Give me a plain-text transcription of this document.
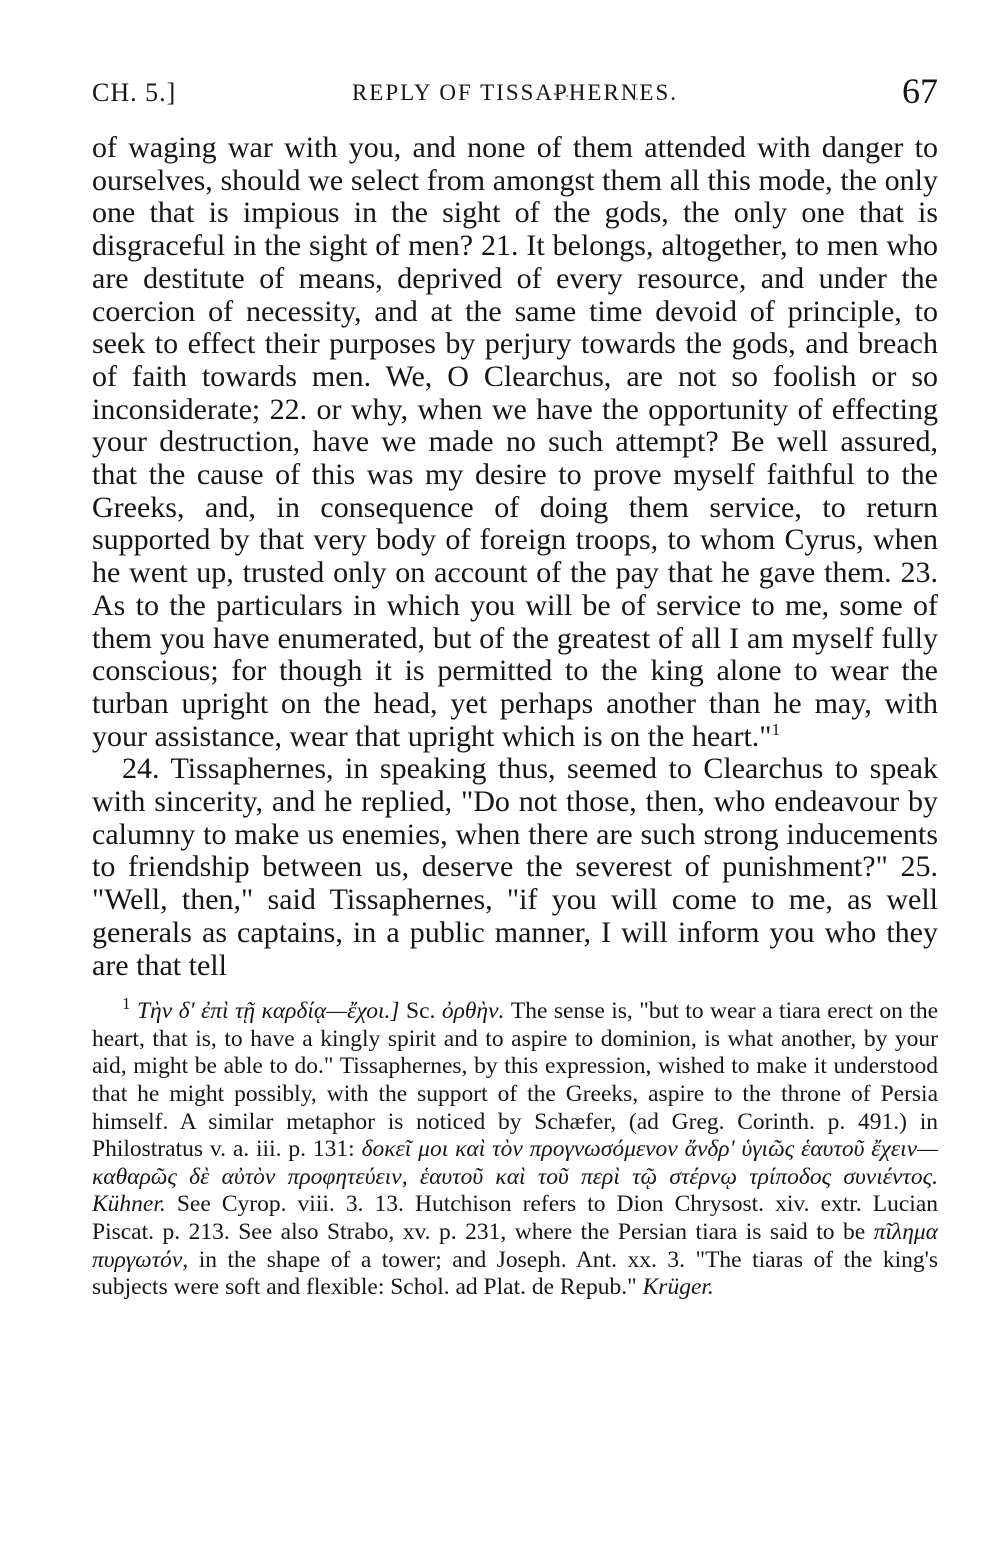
CH. 5.]	REPLY OF TISSAPHERNES.	67

of waging war with you, and none of them attended with danger to ourselves, should we select from amongst them all this mode, the only one that is impious in the sight of the gods, the only one that is disgraceful in the sight of men? 21. It belongs, altogether, to men who are destitute of means, deprived of every resource, and under the coercion of necessity, and at the same time devoid of principle, to seek to effect their purposes by perjury towards the gods, and breach of faith towards men. We, O Clearchus, are not so foolish or so inconsiderate; 22. or why, when we have the opportunity of effecting your destruction, have we made no such attempt? Be well assured, that the cause of this was my desire to prove myself faithful to the Greeks, and, in consequence of doing them service, to return supported by that very body of foreign troops, to whom Cyrus, when he went up, trusted only on account of the pay that he gave them. 23. As to the particulars in which you will be of service to me, some of them you have enumerated, but of the greatest of all I am myself fully conscious; for though it is permitted to the king alone to wear the turban upright on the head, yet perhaps another than he may, with your assistance, wear that upright which is on the heart."$^1$

24. Tissaphernes, in speaking thus, seemed to Clearchus to speak with sincerity, and he replied, "Do not those, then, who endeavour by calumny to make us enemies, when there are such strong inducements to friendship between us, deserve the severest of punishment?" 25. "Well, then," said Tissaphernes, "if you will come to me, as well generals as captains, in a public manner, I will inform you who they are that tell

$^1$ Τὴν δ' ἐπὶ τῇ καρδίᾳ—ἔχοι.] Sc. ὀρθὴν. The sense is, "but to wear a tiara erect on the heart, that is, to have a kingly spirit and to aspire to dominion, is what another, by your aid, might be able to do." Tissaphernes, by this expression, wished to make it understood that he might possibly, with the support of the Greeks, aspire to the throne of Persia himself. A similar metaphor is noticed by Schæfer, (ad Greg. Corinth. p. 491.) in Philostratus v. a. iii. p. 131: δοκεῖ μοι καὶ τὸν προγνωσόμενον ἄνδρ' ὑγιῶς ἑαυτοῦ ἔχειν—καθαρῶς δὲ αὐτὸν προφητεύειν, ἑαυτοῦ καὶ τοῦ περὶ τῷ στέρνῳ τρίποδος συνιέντος. Kühner. See Cyrop. viii. 3. 13. Hutchison refers to Dion Chrysost. xiv. extr. Lucian Piscat. p. 213. See also Strabo, xv. p. 231, where the Persian tiara is said to be πῖλημα πυργωτόν, in the shape of a tower; and Joseph. Ant. xx. 3. "The tiaras of the king's subjects were soft and flexible: Schol. ad Plat. de Repub." Krüger.
